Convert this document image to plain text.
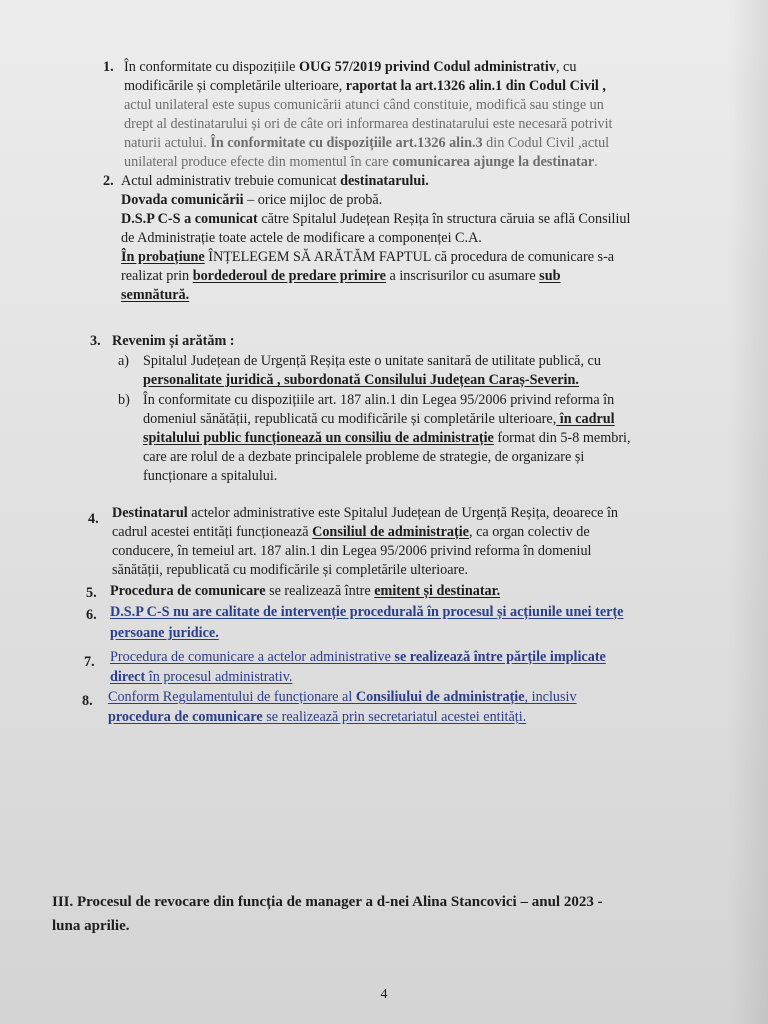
1. În conformitate cu dispozițiile OUG 57/2019 privind Codul administrativ, cu
modificările și completările ulterioare, raportat la art.1326 alin.1 din Codul Civil ,
actul unilateral este supus comunicării atunci când constituie, modifică sau stinge un
drept al destinatarului și ori de câte ori informarea destinatarului este necesară potrivit
naturii actului. În conformitate cu dispozițiile art.1326 alin.3 din Codul Civil ,actul
unilateral produce efecte din momentul în care comunicarea ajunge la destinatar.
2. Actul administrativ trebuie comunicat destinatarului.
Dovada comunicării – orice mijloc de probă.
D.S.P C-S a comunicat către Spitalul Județean Reșița în structura căruia se află Consiliul
de Administrație toate actele de modificare a componenței C.A.
În probațiune ÎNȚELEGEM SĂ ARĂTĂM FAPTUL că procedura de comunicare s-a
realizat prin bordederoul de predare primire a inscrisurilor cu asumare sub
semnătură.
3. Revenim și arătăm :
a) Spitalul Județean de Urgență Reșița este o unitate sanitară de utilitate publică, cu
personalitate juridică , subordonată Consilului Județean Caraș-Severin.
b) În conformitate cu dispozițiile art. 187 alin.1 din Legea 95/2006 privind reforma în
domeniul sănătății, republicată cu modificările și completările ulterioare, în cadrul
spitalului public funcționează un consiliu de administrație format din 5-8 membri,
care are rolul de a dezbate principalele probleme de strategie, de organizare și
funcționare a spitalului.
4. Destinatarul actelor administrative este Spitalul Județean de Urgență Reșița, deoarece în
cadrul acestei entități funcționează Consiliul de administrație, ca organ colectiv de
conducere, în temeiul art. 187 alin.1 din Legea 95/2006 privind reforma în domeniul
sănătății, republicată cu modificările și completările ulterioare.
5. Procedura de comunicare se realizează între emitent și destinatar.
6. D.S.P C-S nu are calitate de intervenție procedurală în procesul și acțiunile unei terțe
persoane juridice.
7. Procedura de comunicare a actelor administrative se realizează între părțile implicate
direct în procesul administrativ.
8. Conform Regulamentului de funcționare al Consiliului de administrație, inclusiv
procedura de comunicare se realizează prin secretariatul acestei entități.
III. Procesul de revocare din funcția de manager a d-nei Alina Stancovici – anul 2023 -
luna aprilie.
4
